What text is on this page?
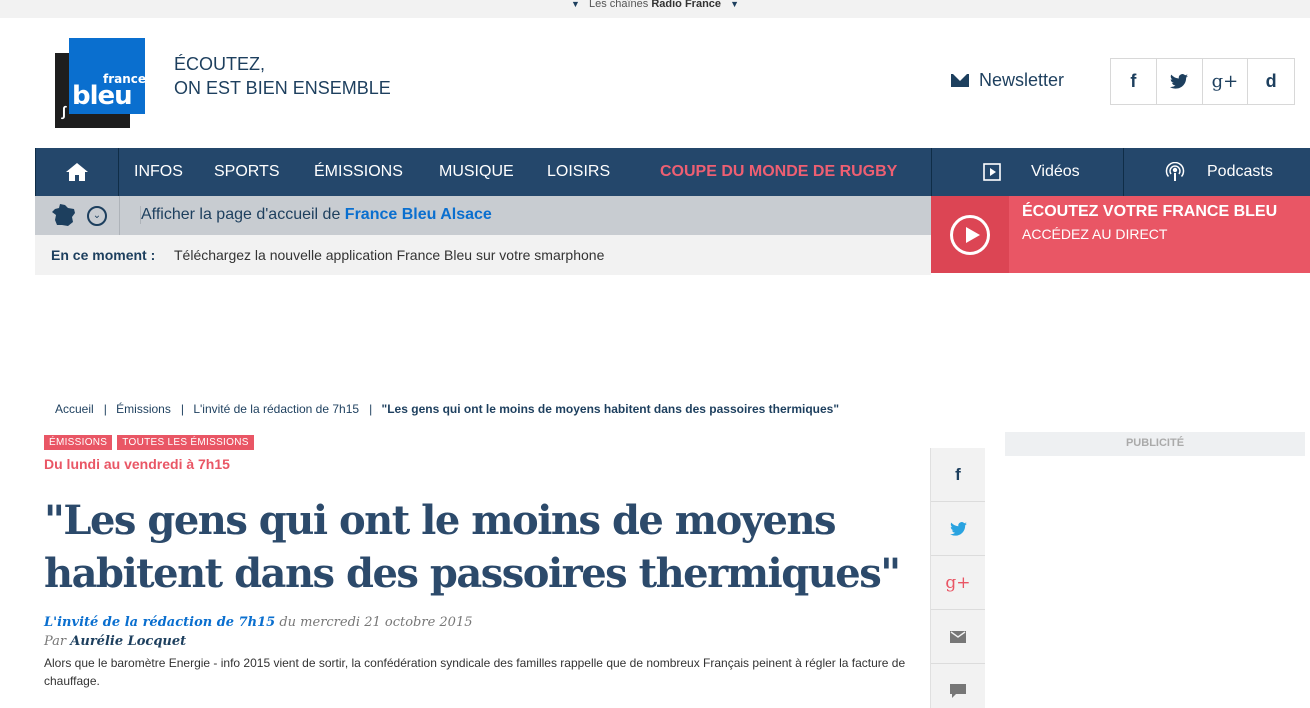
▼ Les chaînes Radio France ▼
france
bleu
∫
ÉCOUTEZ,
ON EST BIEN ENSEMBLE	Newsletter	f	g+	d
INFOS SPORTS ÉMISSIONS MUSIQUE LOISIRS	COUPE DU MONDE DE RUGBY	Vidéos	Podcasts
⌄	Afficher la page d'accueil de France Bleu Alsace
En ce moment : Téléchargez la nouvelle application France Bleu sur votre smarphone
ÉCOUTEZ VOTRE FRANCE BLEU
ACCÉDEZ AU DIRECT
Accueil | Émissions | L'invité de la rédaction de 7h15 | "Les gens qui ont le moins de moyens habitent dans des passoires thermiques"
ÉMISSIONS	TOUTES LES ÉMISSIONS
Du lundi au vendredi à 7h15
"Les gens qui ont le moins de moyens habitent dans des passoires thermiques"
L'invité de la rédaction de 7h15 du mercredi 21 octobre 2015
Par Aurélie Locquet

Alors que le baromètre Energie - info 2015 vient de sortir, la confédération syndicale des familles rappelle que de nombreux Français peinent à régler la facture de chauffage.

f
g+
PUBLICITÉ
